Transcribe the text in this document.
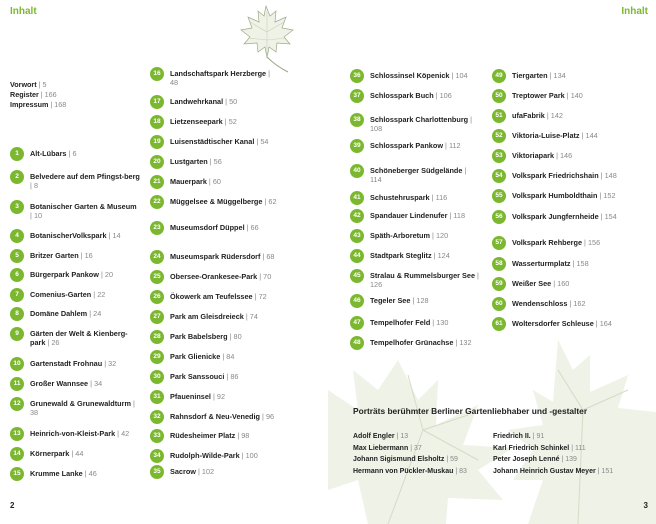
Inhalt
Vorwort | 5
Register | 166
Impressum | 168
1	Alt-Lübars | 6
2	Belvedere auf dem Pfingst-berg | 8
3	Botanischer Garten & Museum | 10
4	BotanischerVolkspark | 14
5	Britzer Garten | 16
6	Bürgerpark Pankow | 20
7	Comenius-Garten | 22
8	Domäne Dahlem | 24
9	Gärten der Welt & Kienberg-park | 26
10	Gartenstadt Frohnau | 32
11	Großer Wannsee | 34
12	Grunewald & Grunewaldturm | 38
13	Heinrich-von-Kleist-Park | 42
14	Körnerpark | 44
15	Krumme Lanke | 46
16	Landschaftspark Herzberge | 48
17	Landwehrkanal | 50
18	Lietzenseepark | 52
19	Luisenstädtischer Kanal | 54
20	Lustgarten | 56
21	Mauerpark | 60
22	Müggelsee & Müggelberge | 62
23	Museumsdorf Düppel | 66
24	Museumspark Rüdersdorf | 68
25	Oberseе-Orankesee-Park | 70
26	Ökowerk am Teufelssee | 72
27	Park am Gleisdreieck | 74
28	Park Babelsberg | 80
29	Park Glienicke | 84
30	Park Sanssouci | 86
31	Pfaueninsel | 92
32	Rahnsdorf & Neu-Venedig | 96
33	Rüdesheimer Platz | 98
34	Rudolph-Wilde-Park | 100
35	Sacrow | 102
2
Inhalt
36	Schlossinsel Köpenick | 104
37	Schlosspark Buch | 106
38	Schlosspark Charlottenburg | 108
39	Schlosspark Pankow | 112
40	Schöneberger Südgelände | 114
41	Schustehruspark | 116
42	Spandauer Lindenufer | 118
43	Späth-Arboretum | 120
44	Stadtpark Steglitz | 124
45	Stralau & Rummelsburger See | 126
46	Tegeler See | 128
47	Tempelhofer Feld | 130
48	Tempelhofer Grünachse | 132
49	Tiergarten | 134
50	Treptower Park | 140
51	ufaFabrik | 142
52	Viktoria-Luise-Platz | 144
53	Viktoriapark | 146
54	Volkspark Friedrichshain | 148
55	Volkspark Humboldthain | 152
56	Volkspark Jungfernheide | 154
57	Volkspark Rehberge | 156
58	Wasserturmplatz | 158
59	Weißer See | 160
60	Wendenschloss | 162
61	Woltersdorfer Schleuse | 164
Porträts berühmter Berliner Gartenliebhaber und -gestalter
Adolf Engler | 13
Max Liebermann | 37
Johann Sigismund Elsholtz | 59
Hermann von Pückler-Muskau | 83
Friedrich II. | 91
Karl Friedrich Schinkel | 111
Peter Joseph Lenné | 139
Johann Heinrich Gustav Meyer | 151
3
